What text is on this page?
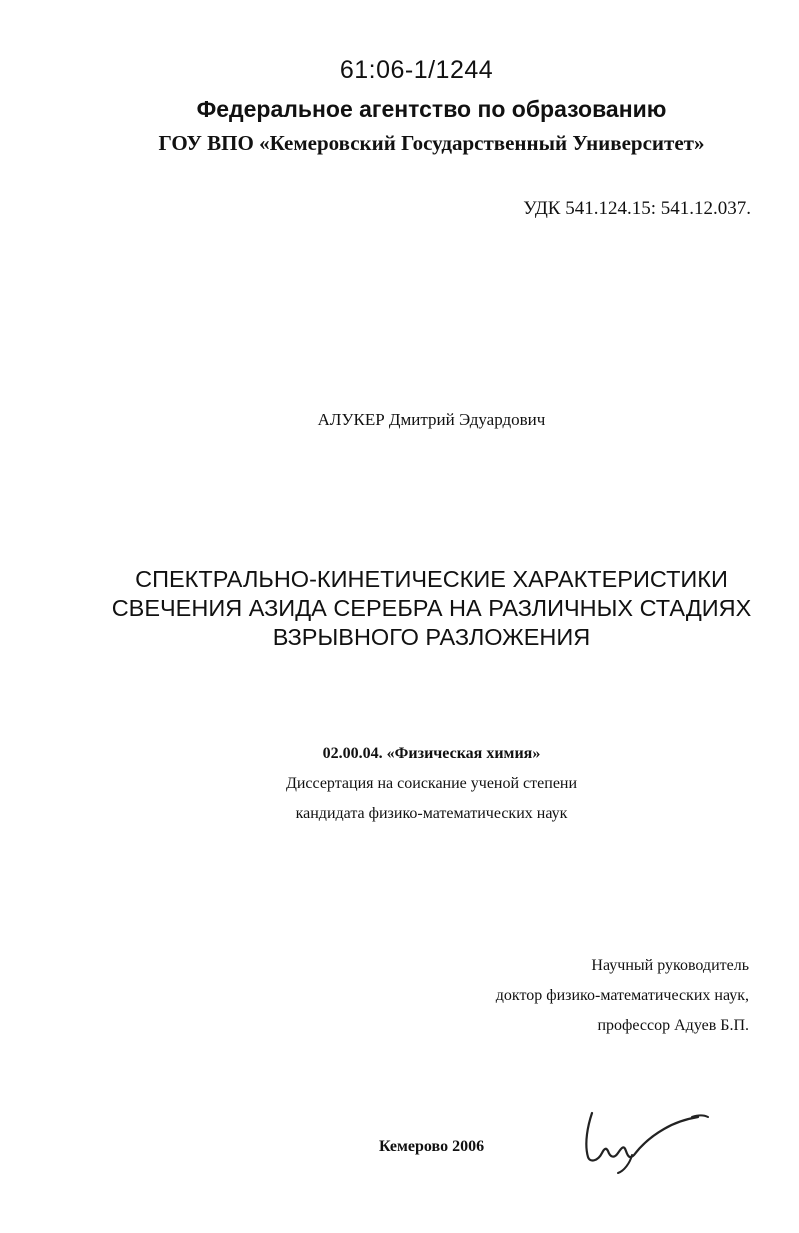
61:06-1/1244
Федеральное агентство по образованию
ГОУ ВПО «Кемеровский Государственный Университет»
УДК 541.124.15: 541.12.037.
АЛУКЕР Дмитрий Эдуардович
СПЕКТРАЛЬНО-КИНЕТИЧЕСКИЕ ХАРАКТЕРИСТИКИ
СВЕЧЕНИЯ АЗИДА СЕРЕБРА НА РАЗЛИЧНЫХ СТАДИЯХ
ВЗРЫВНОГО РАЗЛОЖЕНИЯ
02.00.04. «Физическая химия»
Диссертация на соискание ученой степени
кандидата физико-математических наук
Научный руководитель
доктор физико-математических наук,
профессор Адуев Б.П.
Кемерово 2006
